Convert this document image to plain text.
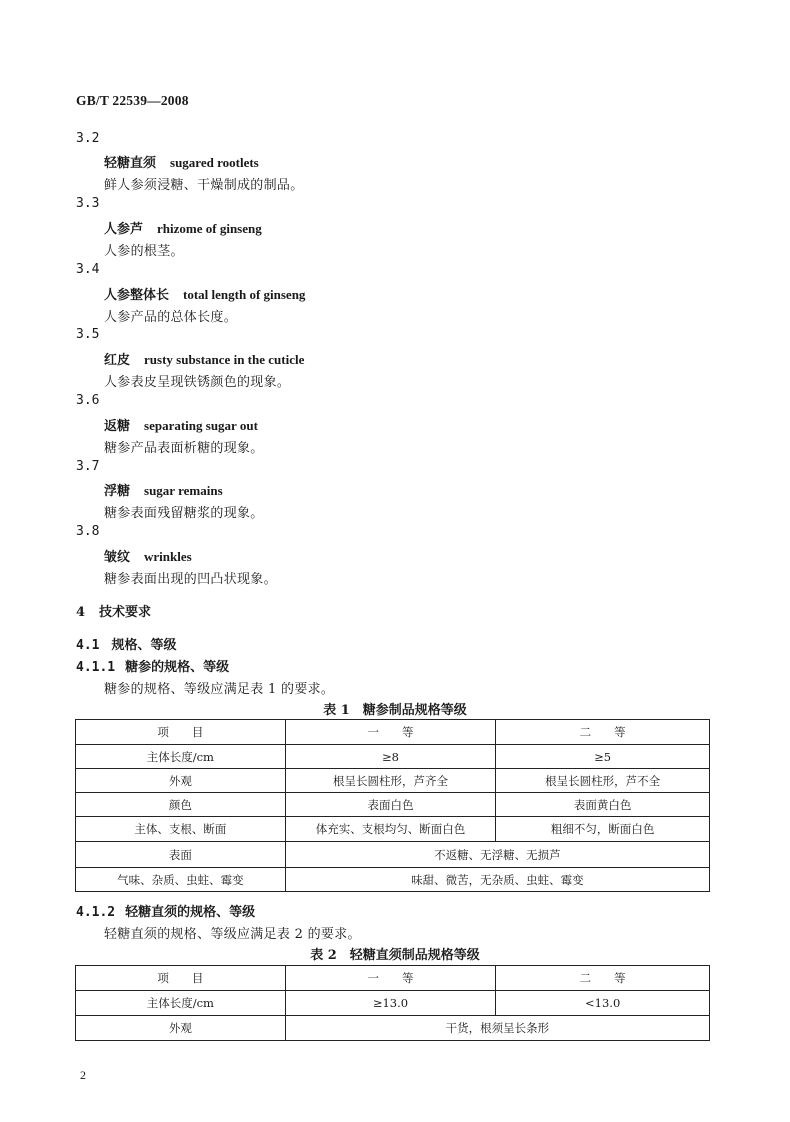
GB/T 22539—2008
3.2
轻糖直须 sugared rootlets
鲜人参须浸糖、干燥制成的制品。
3.3
人参芦 rhizome of ginseng
人参的根茎。
3.4
人参整体长 total length of ginseng
人参产品的总体长度。
3.5
红皮 rusty substance in the cuticle
人参表皮呈现铁锈颜色的现象。
3.6
返糖 separating sugar out
糖参产品表面析糖的现象。
3.7
浮糖 sugar remains
糖参表面残留糖浆的现象。
3.8
皱纹 wrinkles
糖参表面出现的凹凸状现象。
4 技术要求
4.1 规格、等级
4.1.1 糖参的规格、等级
糖参的规格、等级应满足表 1 的要求。
表 1　糖参制品规格等级
项　　目	一　　等	二　　等
主体长度/cm	≥8	≥5
外观	根呈长圆柱形，芦齐全	根呈长圆柱形，芦不全
颜色	表面白色	表面黄白色
主体、支根、断面	体充实、支根均匀、断面白色	粗细不匀，断面白色
表面	不返糖、无浮糖、无损芦	
气味、杂质、虫蛀、霉变	味甜、微苦，无杂质、虫蛀、霉变	
4.1.2 轻糖直须的规格、等级
轻糖直须的规格、等级应满足表 2 的要求。
表 2　轻糖直须制品规格等级
项　　目	一　　等	二　　等
主体长度/cm	≥13.0	<13.0
外观	干货，根须呈长条形	
2
